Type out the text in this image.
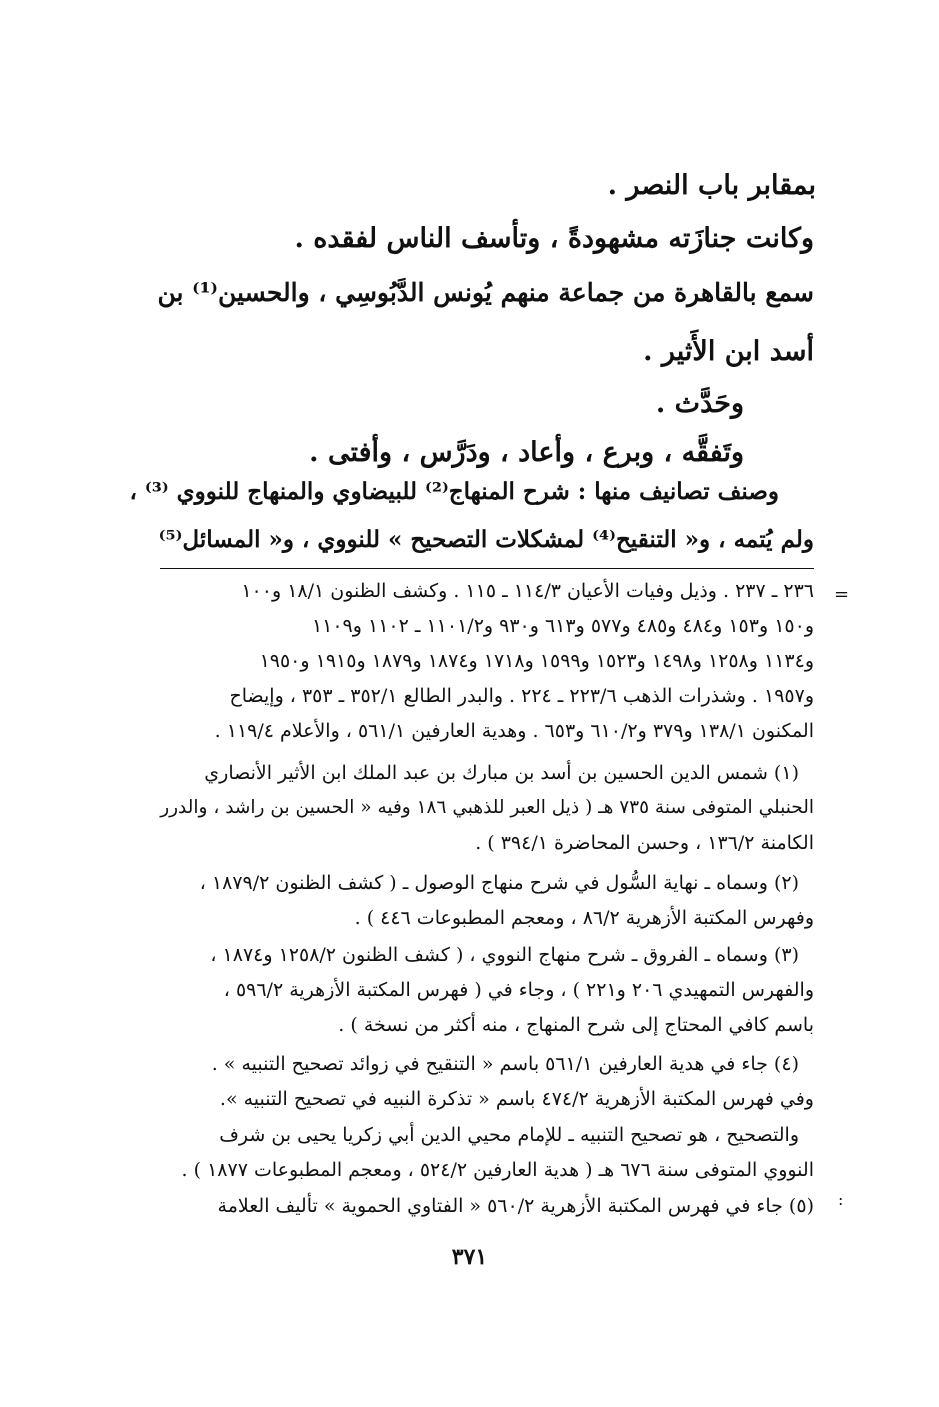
بمقابر باب النصر .
وكانت جنازَته مشهودةً ، وتأسف الناس لفقده .
سمع بالقاهرة من جماعة منهم يُونس الدَّبُوسِي ، والحسين⁽¹⁾ بن
أسد ابن الأَثير .
وحَدَّث .
وتَفقَّه ، وبرع ، وأعاد ، ودَرَّس ، وأفتى .
وصنف تصانيف منها : شرح المنهاج⁽²⁾ للبيضاوي والمنهاج للنووي ⁽³⁾ ،
ولم يُتمه ، و« التنقيح⁽⁴⁾ لمشكلات التصحيح » للنووي ، و« المسائل⁽⁵⁾
=
٢٣٦ ـ ٢٣٧ . وذيل وفيات الأعيان ١١٤/٣ ـ ١١٥ . وكشف الظنون ١٨/١ و١٠٠
و١٥٠ و١٥٣ و٤٨٤ و٤٨٥ و٥٧٧ و٦١٣ و٩٣٠ و١١٠١/٢ ـ ١١٠٢ و١١٠٩
و١١٣٤ و١٢٥٨ و١٤٩٨ و١٥٢٣ و١٥٩٩ و١٧١٨ و١٨٧٤ و١٨٧٩ و١٩١٥ و١٩٥٠
و١٩٥٧ . وشذرات الذهب ٢٢٣/٦ ـ ٢٢٤ . والبدر الطالع ٣٥٢/١ ـ ٣٥٣ ، وإيضاح
المكنون ١٣٨/١ و٣٧٩ و٦١٠/٢ و٦٥٣ . وهدية العارفين ٥٦١/١ ، والأعلام ١١٩/٤ .
(١) شمس الدين الحسين بن أسد بن مبارك بن عبد الملك ابن الأثير الأنصاري
الحنبلي المتوفى سنة ٧٣٥ هـ ( ذيل العبر للذهبي ١٨٦ وفيه « الحسين بن راشد ، والدرر
الكامنة ١٣٦/٢ ، وحسن المحاضرة ٣٩٤/١ ) .
(٢) وسماه ـ نهاية السُّول في شرح منهاج الوصول ـ ( كشف الظنون ١٨٧٩/٢ ،
وفهرس المكتبة الأزهرية ٨٦/٢ ، ومعجم المطبوعات ٤٤٦ ) .
(٣) وسماه ـ الفروق ـ شرح منهاج النووي ، ( كشف الظنون ١٢٥٨/٢ و١٨٧٤ ،
والفهرس التمهيدي ٢٠٦ و٢٢١ ) ، وجاء في ( فهرس المكتبة الأزهرية ٥٩٦/٢ ،
باسم كافي المحتاج إلى شرح المنهاج ، منه أكثر من نسخة ) .
(٤) جاء في هدية العارفين ٥٦١/١ باسم « التنقيح في زوائد تصحيح التنبيه » .
وفي فهرس المكتبة الأزهرية ٤٧٤/٢ باسم « تذكرة النبيه في تصحيح التنبيه ».
والتصحيح ، هو تصحيح التنبيه ـ للإمام محيي الدين أبي زكريا يحيى بن شرف
النووي المتوفى سنة ٦٧٦ هـ ( هدية العارفين ٥٢٤/٢ ، ومعجم المطبوعات ١٨٧٧ ) .
(٥) جاء في فهرس المكتبة الأزهرية ٥٦٠/٢ « الفتاوي الحموية » تأليف العلامة :
٣٧١
